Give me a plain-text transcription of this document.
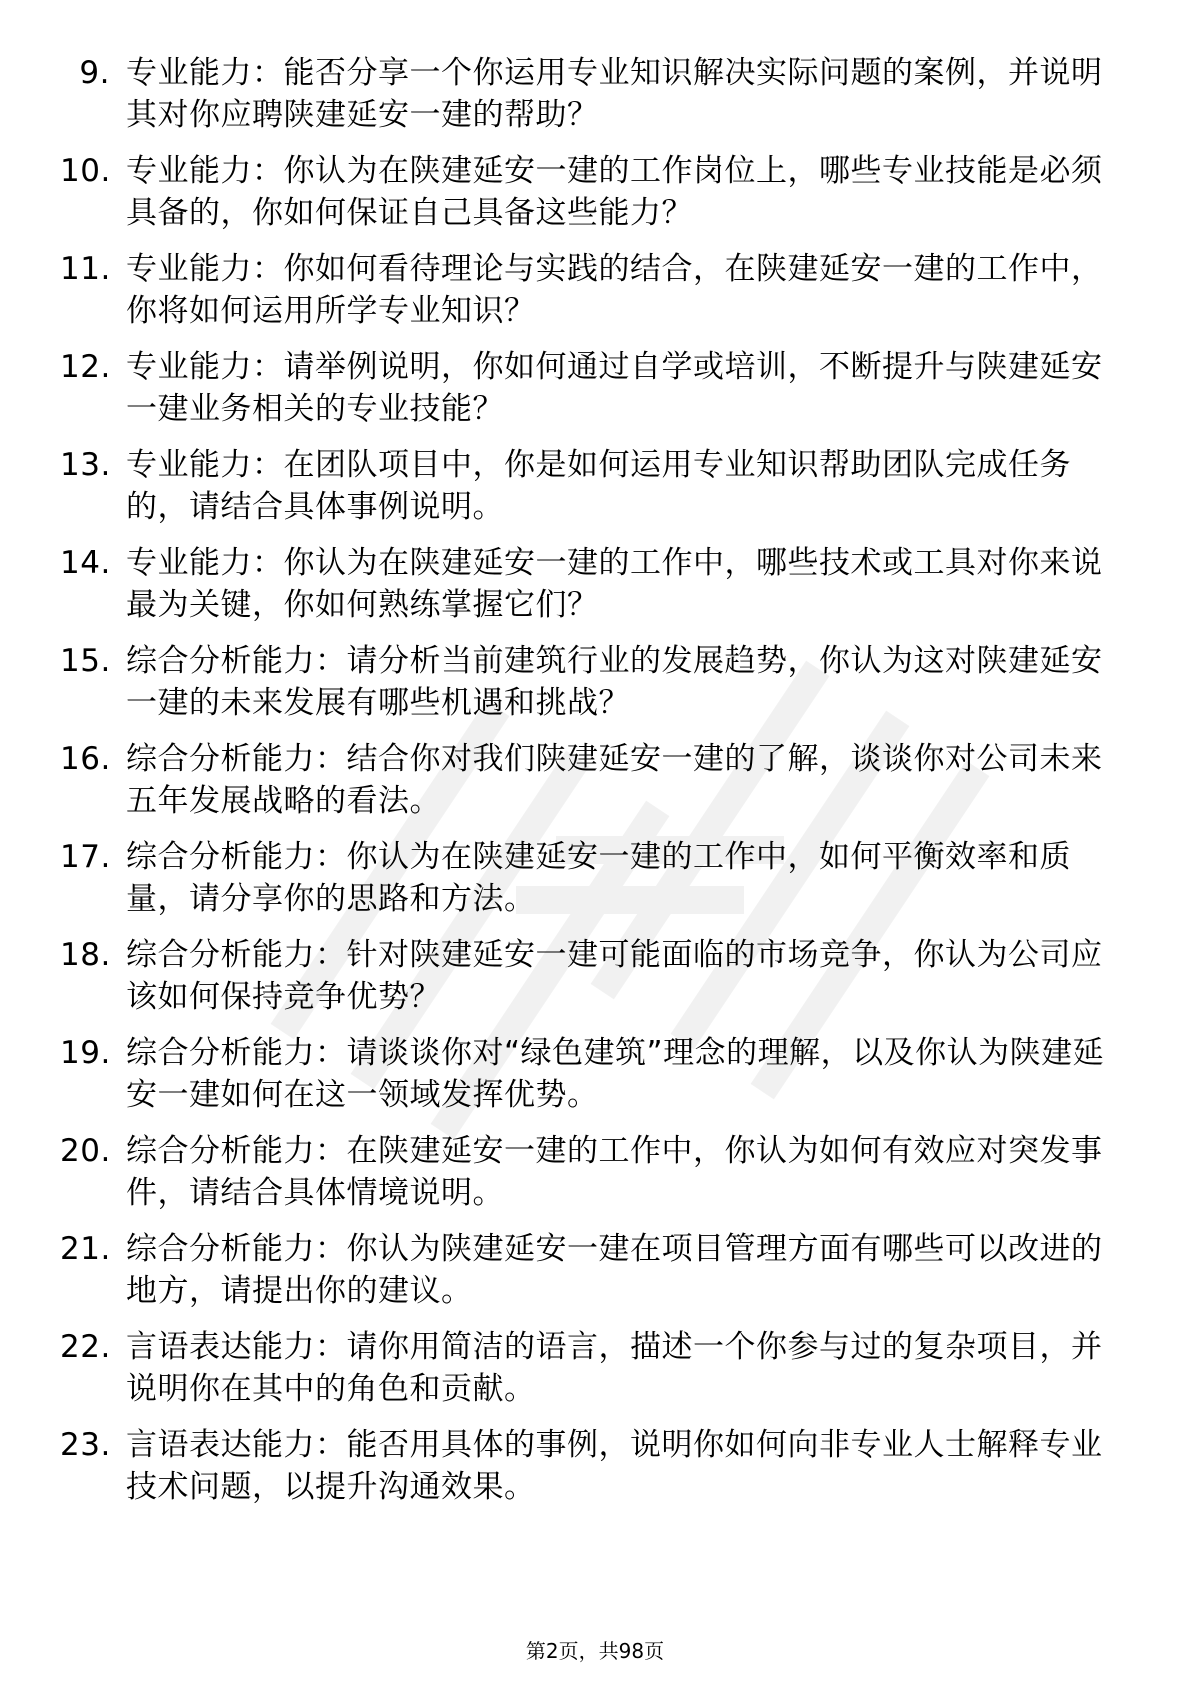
9. 专业能力：能否分享一个你运用专业知识解决实际问题的案例，并说明其对你应聘陕建延安一建的帮助？
10. 专业能力：你认为在陕建延安一建的工作岗位上，哪些专业技能是必须具备的，你如何保证自己具备这些能力？
11. 专业能力：你如何看待理论与实践的结合，在陕建延安一建的工作中，你将如何运用所学专业知识？
12. 专业能力：请举例说明，你如何通过自学或培训，不断提升与陕建延安一建业务相关的专业技能？
13. 专业能力：在团队项目中，你是如何运用专业知识帮助团队完成任务的，请结合具体事例说明。
14. 专业能力：你认为在陕建延安一建的工作中，哪些技术或工具对你来说最为关键，你如何熟练掌握它们？
15. 综合分析能力：请分析当前建筑行业的发展趋势，你认为这对陕建延安一建的未来发展有哪些机遇和挑战？
16. 综合分析能力：结合你对我们陕建延安一建的了解，谈谈你对公司未来五年发展战略的看法。
17. 综合分析能力：你认为在陕建延安一建的工作中，如何平衡效率和质量，请分享你的思路和方法。
18. 综合分析能力：针对陕建延安一建可能面临的市场竞争，你认为公司应该如何保持竞争优势？
19. 综合分析能力：请谈谈你对“绿色建筑”理念的理解，以及你认为陕建延安一建如何在这一领域发挥优势。
20. 综合分析能力：在陕建延安一建的工作中，你认为如何有效应对突发事件，请结合具体情境说明。
21. 综合分析能力：你认为陕建延安一建在项目管理方面有哪些可以改进的地方，请提出你的建议。
22. 言语表达能力：请你用简洁的语言，描述一个你参与过的复杂项目，并说明你在其中的角色和贡献。
23. 言语表达能力：能否用具体的事例，说明你如何向非专业人士解释专业技术问题，以提升沟通效果。
第2页，共98页
